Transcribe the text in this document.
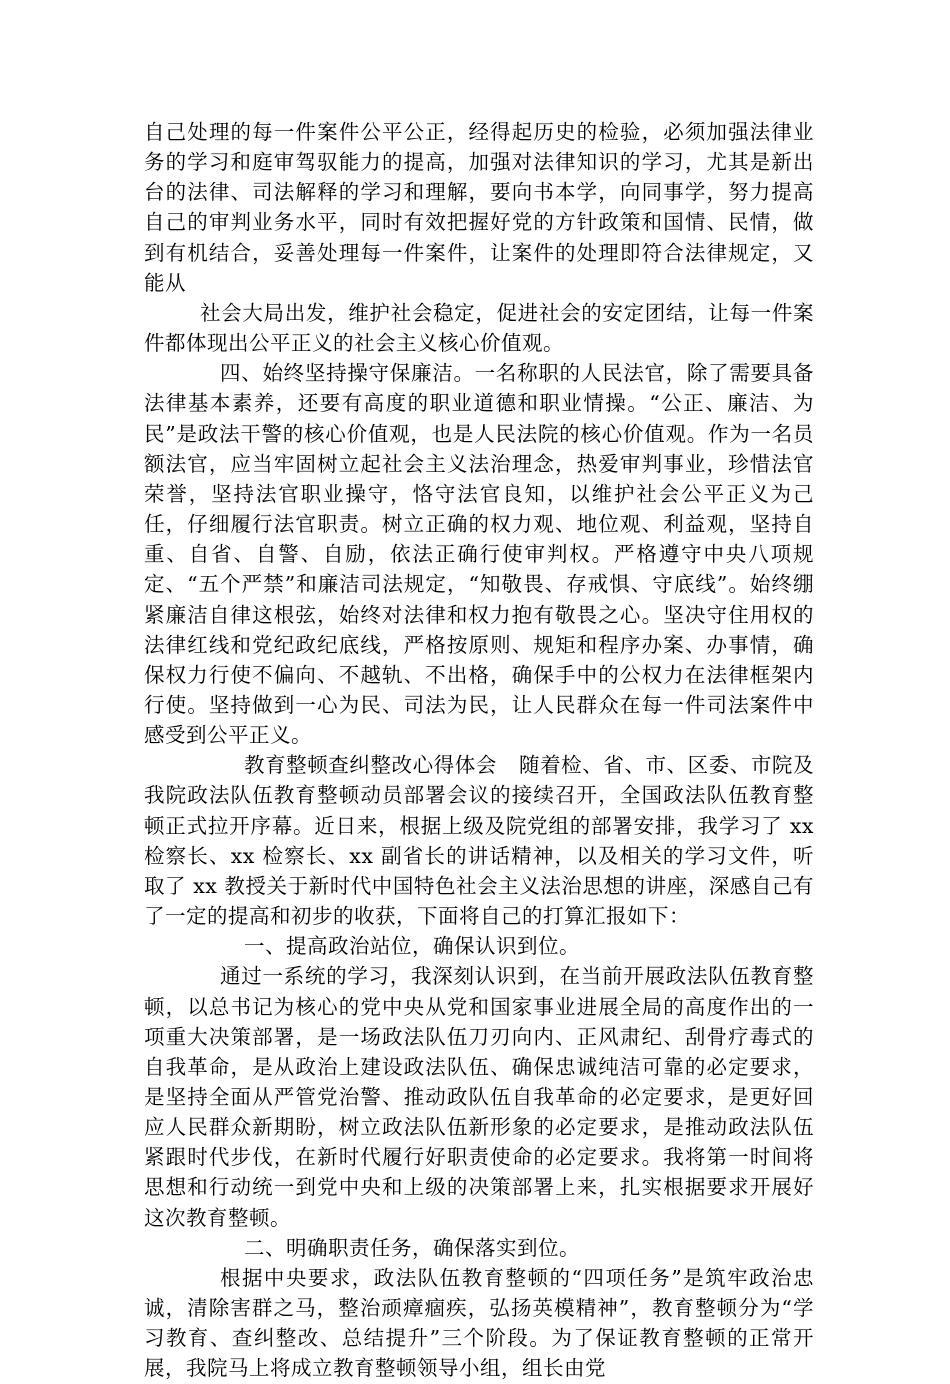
自己处理的每一件案件公平公正，经得起历史的检验，必须加强法律业务的学习和庭审驾驭能力的提高，加强对法律知识的学习，尤其是新出台的法律、司法解释的学习和理解，要向书本学，向同事学，努力提高自己的审判业务水平，同时有效把握好党的方针政策和国情、民情，做到有机结合，妥善处理每一件案件，让案件的处理即符合法律规定，又能从

社会大局出发，维护社会稳定，促进社会的安定团结，让每一件案件都体现出公平正义的社会主义核心价值观。

四、始终坚持操守保廉洁。一名称职的人民法官，除了需要具备法律基本素养，还要有高度的职业道德和职业情操。“公正、廉洁、为民”是政法干警的核心价值观，也是人民法院的核心价值观。作为一名员额法官，应当牢固树立起社会主义法治理念，热爱审判事业，珍惜法官荣誉，坚持法官职业操守，恪守法官良知，以维护社会公平正义为己任，仔细履行法官职责。树立正确的权力观、地位观、利益观，坚持自重、自省、自警、自励，依法正确行使审判权。严格遵守中央八项规定、“五个严禁”和廉洁司法规定，“知敬畏、存戒惧、守底线”。始终绷紧廉洁自律这根弦，始终对法律和权力抱有敬畏之心。坚决守住用权的法律红线和党纪政纪底线，严格按原则、规矩和程序办案、办事情，确保权力行使不偏向、不越轨、不出格，确保手中的公权力在法律框架内行使。坚持做到一心为民、司法为民，让人民群众在每一件司法案件中感受到公平正义。

教育整顿查纠整改心得体会 随着检、省、市、区委、市院及我院政法队伍教育整顿动员部署会议的接续召开，全国政法队伍教育整顿正式拉开序幕。近日来，根据上级及院党组的部署安排，我学习了 xx 检察长、xx 检察长、xx 副省长的讲话精神，以及相关的学习文件，听取了 xx 教授关于新时代中国特色社会主义法治思想的讲座，深感自己有了一定的提高和初步的收获，下面将自己的打算汇报如下：

一、提高政治站位，确保认识到位。

通过一系统的学习，我深刻认识到，在当前开展政法队伍教育整顿，以总书记为核心的党中央从党和国家事业进展全局的高度作出的一项重大决策部署，是一场政法队伍刀刃向内、正风肃纪、刮骨疗毒式的自我革命，是从政治上建设政法队伍、确保忠诚纯洁可靠的必定要求，是坚持全面从严管党治警、推动政队伍自我革命的必定要求，是更好回应人民群众新期盼，树立政法队伍新形象的必定要求，是推动政法队伍紧跟时代步伐，在新时代履行好职责使命的必定要求。我将第一时间将思想和行动统一到党中央和上级的决策部署上来，扎实根据要求开展好这次教育整顿。

二、明确职责任务，确保落实到位。

根据中央要求，政法队伍教育整顿的“四项任务”是筑牢政治忠诚，清除害群之马，整治顽瘴痼疾，弘扬英模精神”，教育整顿分为“学习教育、查纠整改、总结提升”三个阶段。为了保证教育整顿的正常开展，我院马上将成立教育整顿领导小组，组长由党
